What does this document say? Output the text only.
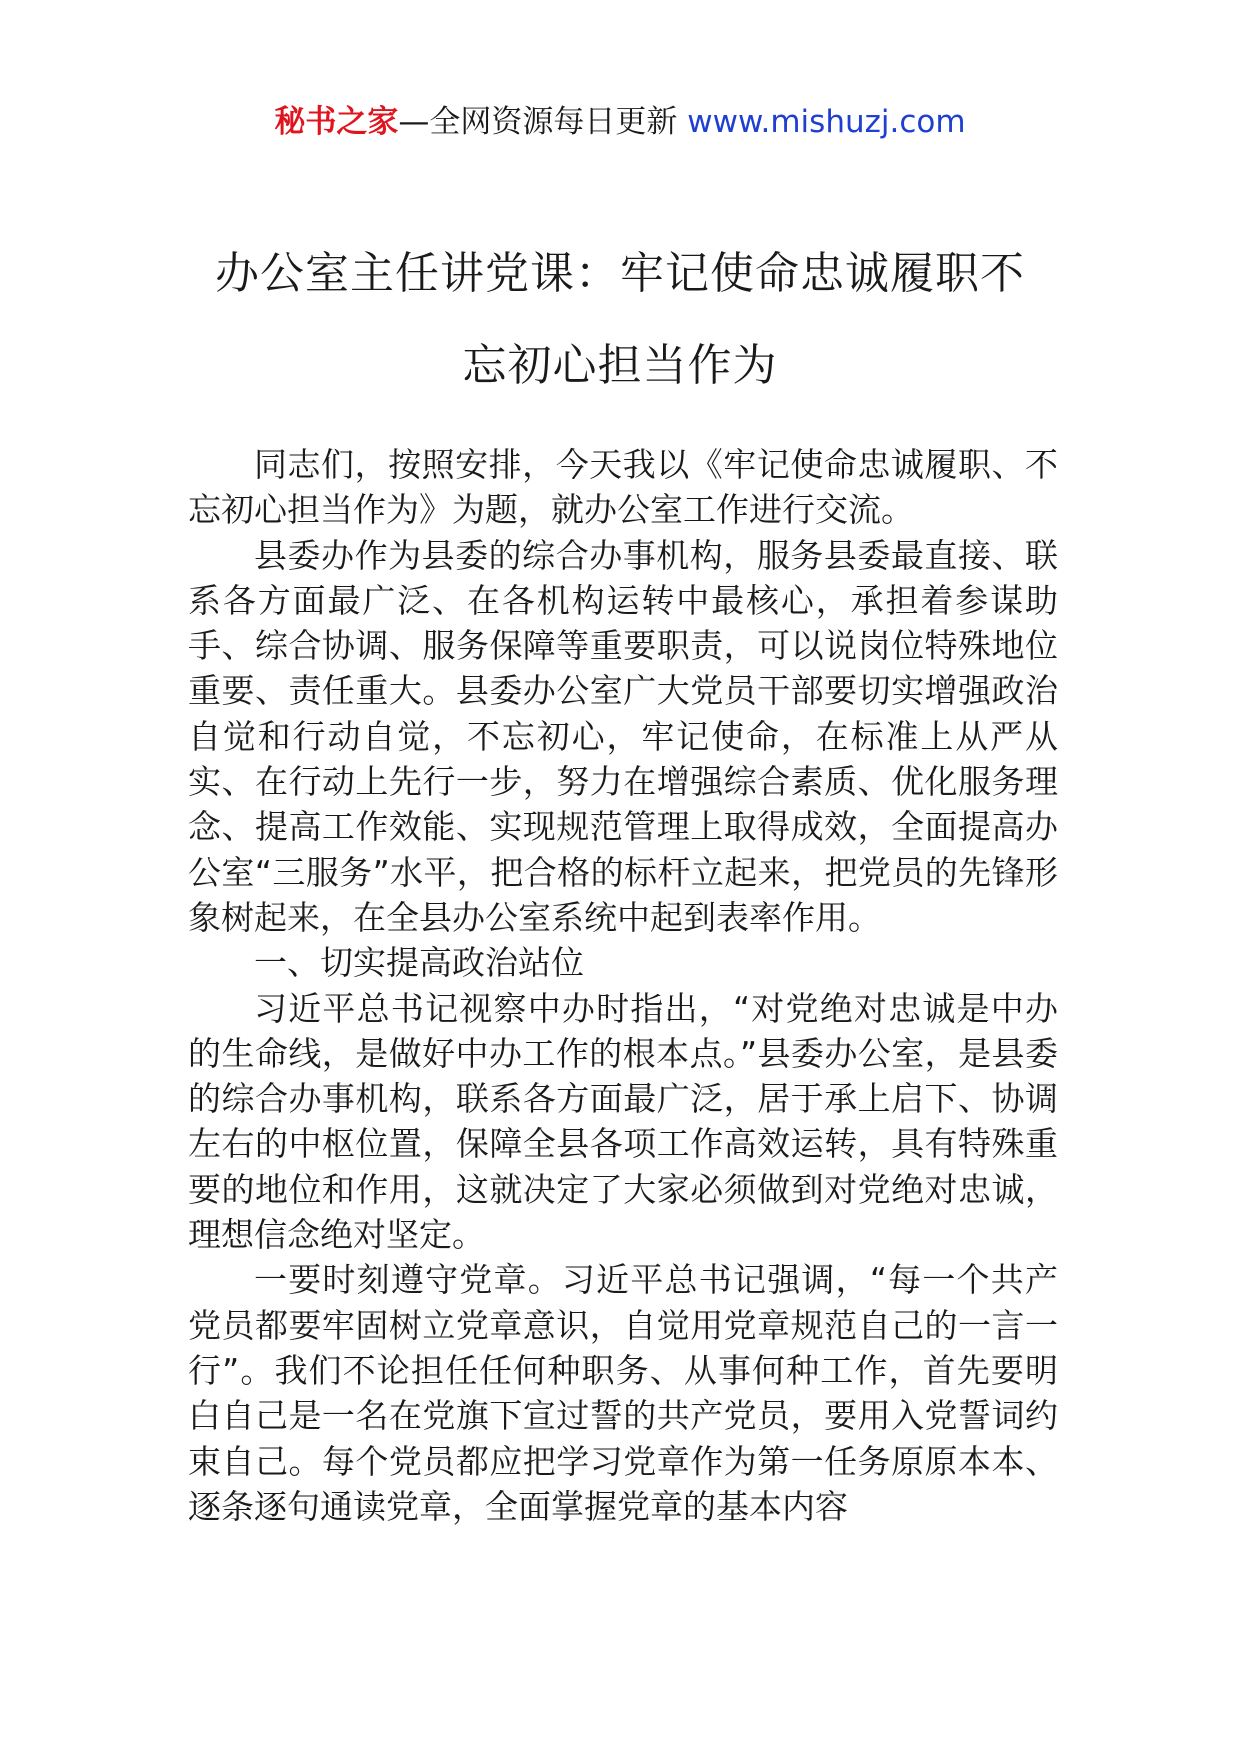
秘书之家—全网资源每日更新 www.mishuzj.com
办公室主任讲党课：牢记使命忠诚履职不
忘初心担当作为

同志们，按照安排，今天我以《牢记使命忠诚履职、不忘初心担当作为》为题，就办公室工作进行交流。

县委办作为县委的综合办事机构，服务县委最直接、联系各方面最广泛、在各机构运转中最核心，承担着参谋助手、综合协调、服务保障等重要职责，可以说岗位特殊地位重要、责任重大。县委办公室广大党员干部要切实增强政治自觉和行动自觉，不忘初心，牢记使命，在标准上从严从实、在行动上先行一步，努力在增强综合素质、优化服务理念、提高工作效能、实现规范管理上取得成效，全面提高办公室“三服务”水平，把合格的标杆立起来，把党员的先锋形象树起来，在全县办公室系统中起到表率作用。

一、切实提高政治站位

习近平总书记视察中办时指出，“对党绝对忠诚是中办的生命线，是做好中办工作的根本点。”县委办公室，是县委的综合办事机构，联系各方面最广泛，居于承上启下、协调左右的中枢位置，保障全县各项工作高效运转，具有特殊重要的地位和作用，这就决定了大家必须做到对党绝对忠诚，理想信念绝对坚定。

一要时刻遵守党章。习近平总书记强调，“每一个共产党员都要牢固树立党章意识，自觉用党章规范自己的一言一行”。我们不论担任任何种职务、从事何种工作，首先要明白自己是一名在党旗下宣过誓的共产党员，要用入党誓词约束自己。每个党员都应把学习党章作为第一任务原原本本、逐条逐句通读党章，全面掌握党章的基本内容
